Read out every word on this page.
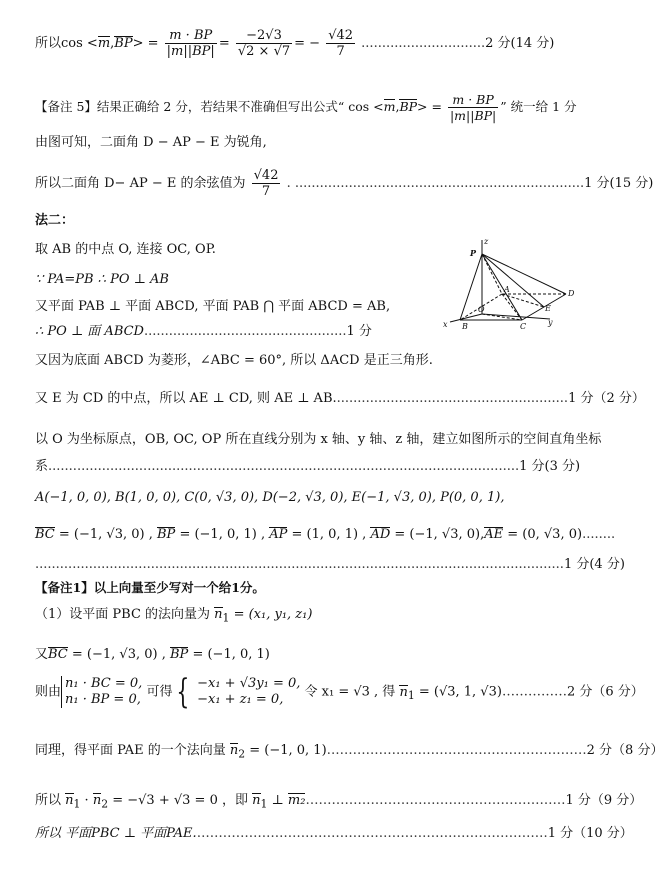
所以$\cos <m,BP> = \frac{m \cdot BP}{|m||BP|} = \frac{-2√3}{√2 \times √7}$ = − $\frac{√42}{7} ..............................2$ 分(14 分)
【备注 5】结果正确给 2 分，若结果不准确但写出公式“ $\cos <m,BP> = \frac{m \cdot BP}{|m||BP|}$ ” 统一给 1 分
由图可知，二面角 D − AP − E 为锐角,
所以二面角 D− AP − E 的余弦值为 $\frac{√42}{7}$ . ......................................................................1 分(15 分)
法二：
取 AB 的中点 O, 连接 OC, OP.
∵ PA=PB ∴ PO ⊥ AB
又平面 PAB ⊥ 平面 ABCD, 平面 PAB ⋂ 平面 ABCD = AB,
∴ PO ⊥ 面 ABCD.................................................1 分
又因为底面 ABCD 为菱形，∠ABC = 60°, 所以 ΔACD 是正三角形.
又 E 为 CD 的中点，所以 AE ⊥ CD, 则 AE ⊥ AB.........................................................1 分（2 分）
以 O 为坐标原点，OB, OC, OP 所在直线分别为 x 轴、y 轴、z 轴，建立如图所示的空间直角坐标
系..................................................................................................................1 分(3 分)
A(−1, 0, 0), B(1, 0, 0), C(0, √3, 0), D(−2, √3, 0), E(−1, √3, 0), P(0, 0, 1),
BC = (−1, √3, 0) , BP = (−1, 0, 1) , AP = (1, 0, 1) , AD = (−1, √3, 0),AE = (0, √3, 0)........
................................................................................................................................1 分(4 分)
【备注1】以上向量至少写对一个给1分。
（1）设平面 PBC 的法向量为 $n_1 = (x_1$, y₁, z₁)
又BC = (−1, √3, 0) , BP = (−1, 0, 1)
则由
n₁ · BC = 0,
n₁ · BP = 0, 可得 { −x₁ + √3y₁ = 0,
−x₁ + z₁ = 0,	令 x₁ = √3 , 得 $n_1 = (√3$, 1, √3)……………2 分（6 分）
同理，得平面 PAE 的一个法向量 $n_2 = (-1$, 0, 1)……………………………………………………2 分（8 分）
所以 $n_1 \cdot n_2 = -√3 + √3 = 0$ ，即 $n_1$ ⊥ m₂……………………………………………………1 分（9 分）
所以 平面PBC ⊥ 平面PAE.………………………………………………………………………1 分（10 分）
z
P
A
O
D
E
x B	C	y
